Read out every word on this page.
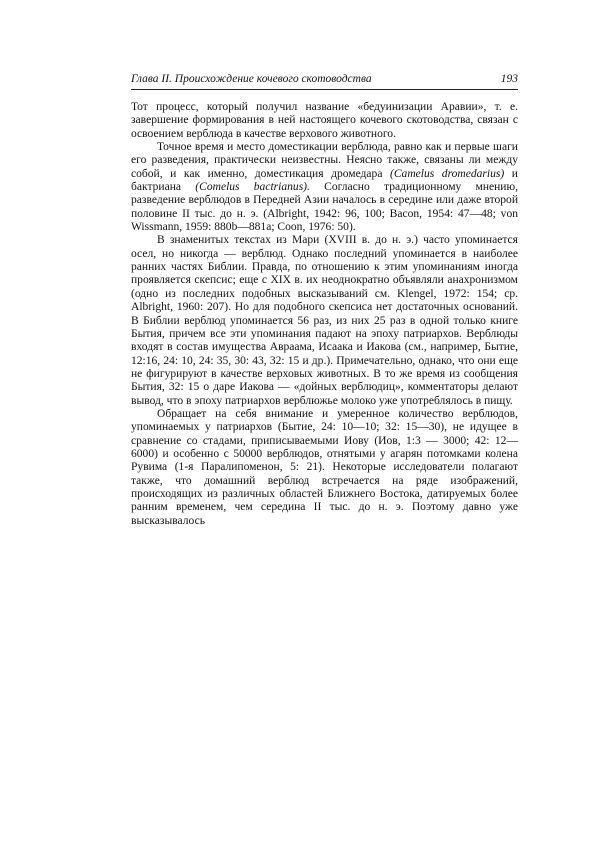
Глава II. Происхождение кочевого скотоводства	193

Тот процесс, который получил название «бедуинизации Аравии», т. е. завершение формирования в ней настоящего кочевого скотоводства, связан с освоением верблюда в качестве верхового животного.

Точное время и место доместикации верблюда, равно как и первые шаги его разведения, практически неизвестны. Неясно также, связаны ли между собой, и как именно, доместикация дромедара (Camelus dromedarius) и бактриана (Comelus bactrianus). Согласно традиционному мнению, разведение верблюдов в Передней Азии началось в середине или даже второй половине II тыс. до н. э. (Albright, 1942: 96, 100; Bacon, 1954: 47—48; von Wissmann, 1959: 880b—881a; Coon, 1976: 50).

В знаменитых текстах из Мари (XVIII в. до н. э.) часто упоминается осел, но никогда — верблюд. Однако последний упоминается в наиболее ранних частях Библии. Правда, по отношению к этим упоминаниям иногда проявляется скепсис; еще с XIX в. их неоднократно объявляли анахронизмом (одно из последних подобных высказываний см. Klengel, 1972: 154; ср. Albright, 1960: 207). Но для подобного скепсиса нет достаточных оснований. В Библии верблюд упоминается 56 раз, из них 25 раз в одной только книге Бытия, причем все эти упоминания падают на эпоху патриархов. Верблюды входят в состав имущества Авраама, Исаака и Иакова (см., например, Бытие, 12:16, 24: 10, 24: 35, 30: 43, 32: 15 и др.). Примечательно, однако, что они еще не фигурируют в качестве верховых животных. В то же время из сообщения Бытия, 32: 15 о даре Иакова — «дойных верблюдиц», комментаторы делают вывод, что в эпоху патриархов верблюжье молоко уже употреблялось в пищу.

Обращает на себя внимание и умеренное количество верблюдов, упоминаемых у патриархов (Бытие, 24: 10—10; 32: 15—30), не идущее в сравнение со стадами, приписываемыми Иову (Иов, 1:3 — 3000; 42: 12—6000) и особенно с 50000 верблюдов, отнятыми у агарян потомками колена Рувима (1-я Паралипоменон, 5: 21). Некоторые исследователи полагают также, что домашний верблюд встречается на ряде изображений, происходящих из различных областей Ближнего Востока, датируемых более ранним временем, чем середина II тыс. до н. э. Поэтому давно уже высказывалось
